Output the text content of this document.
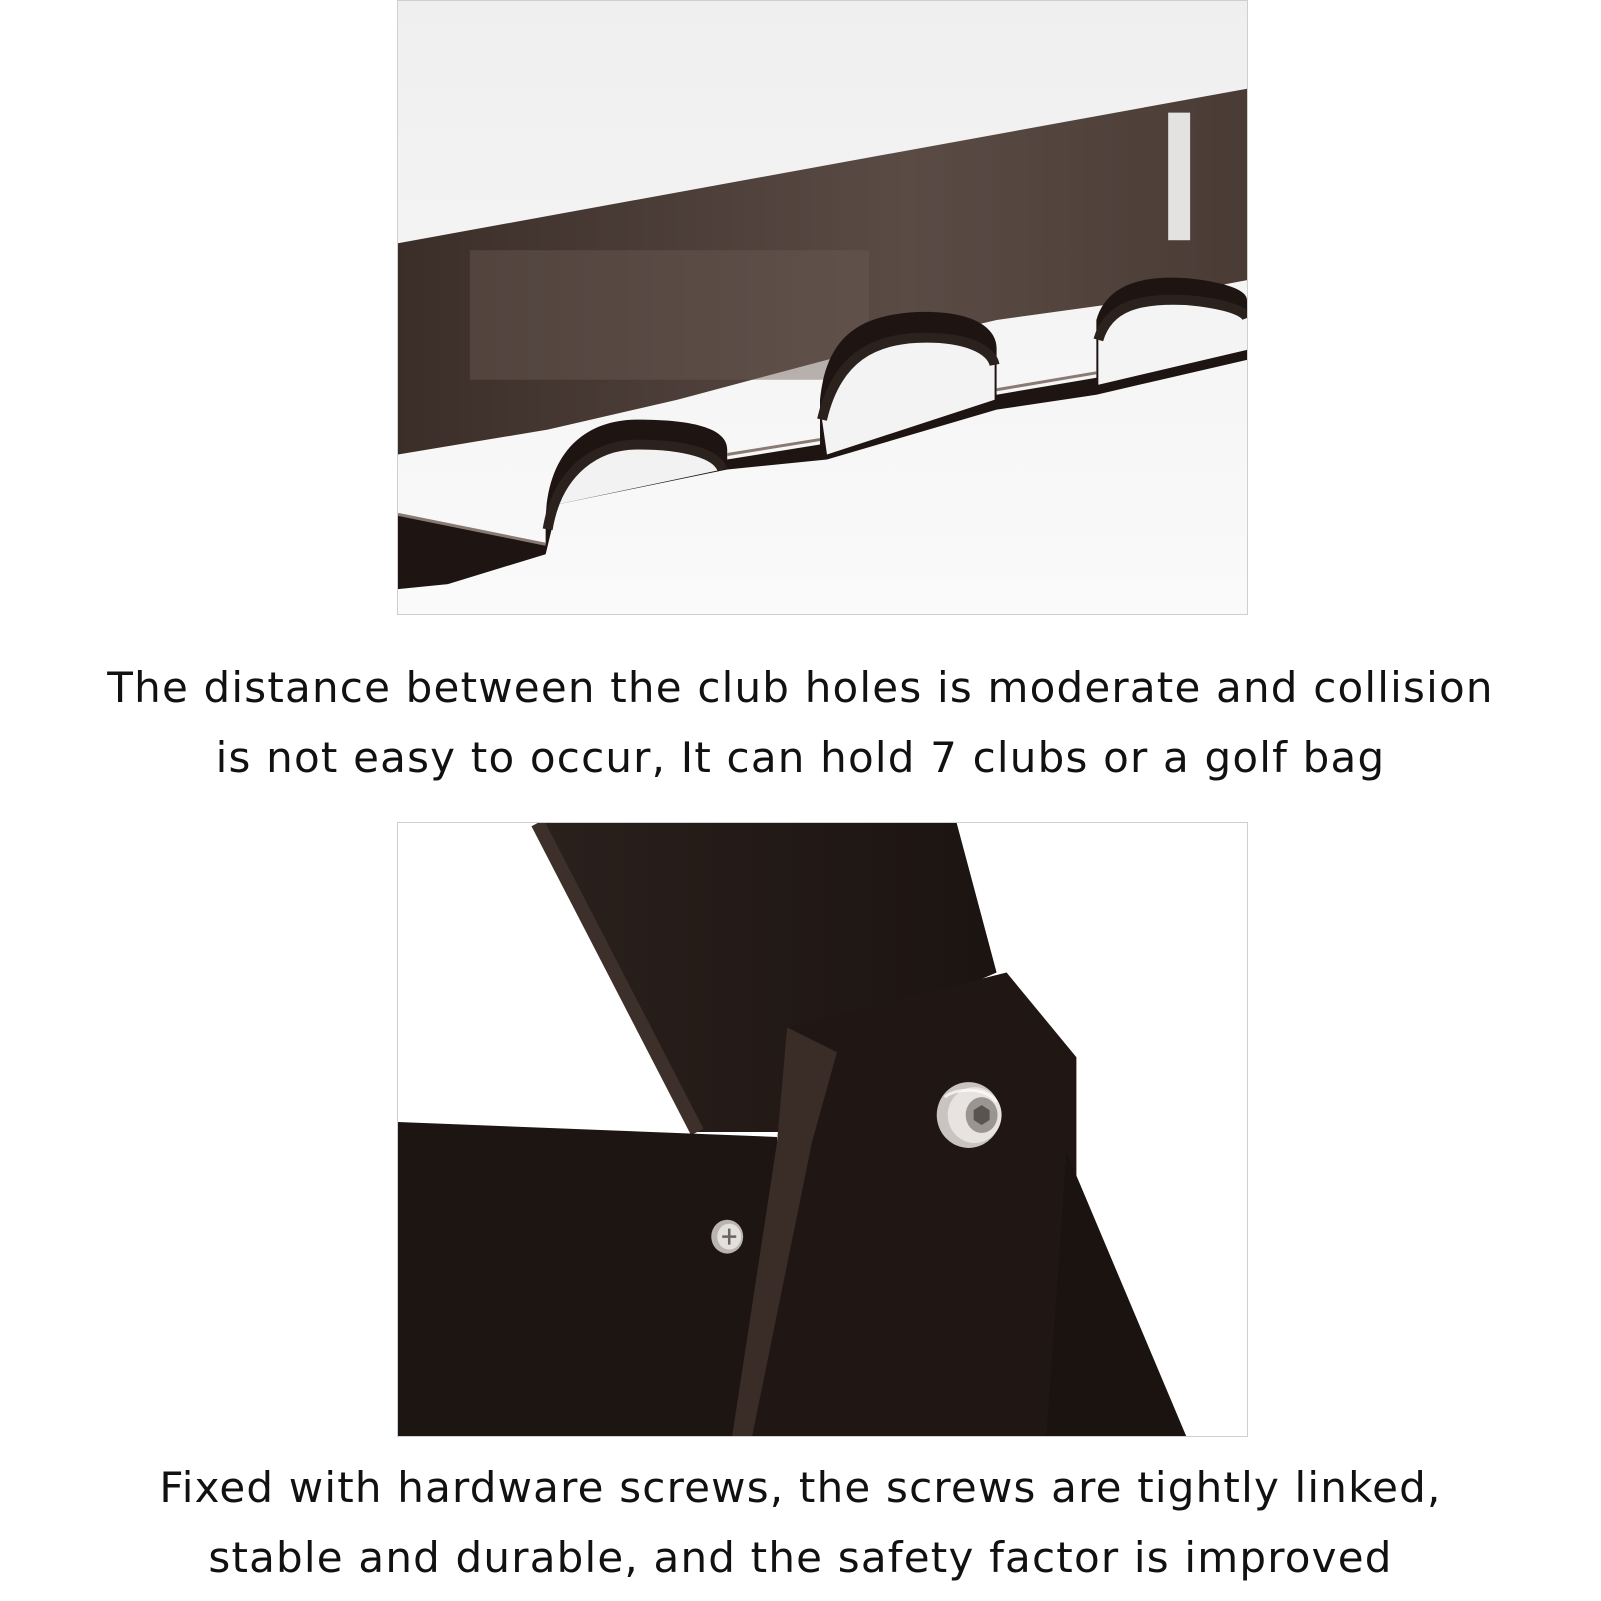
The distance between the club holes is moderate and collision
is not easy to occur, It can hold 7 clubs or a golf bag

Fixed with hardware screws, the screws are tightly linked,
stable and durable, and the safety factor is improved
